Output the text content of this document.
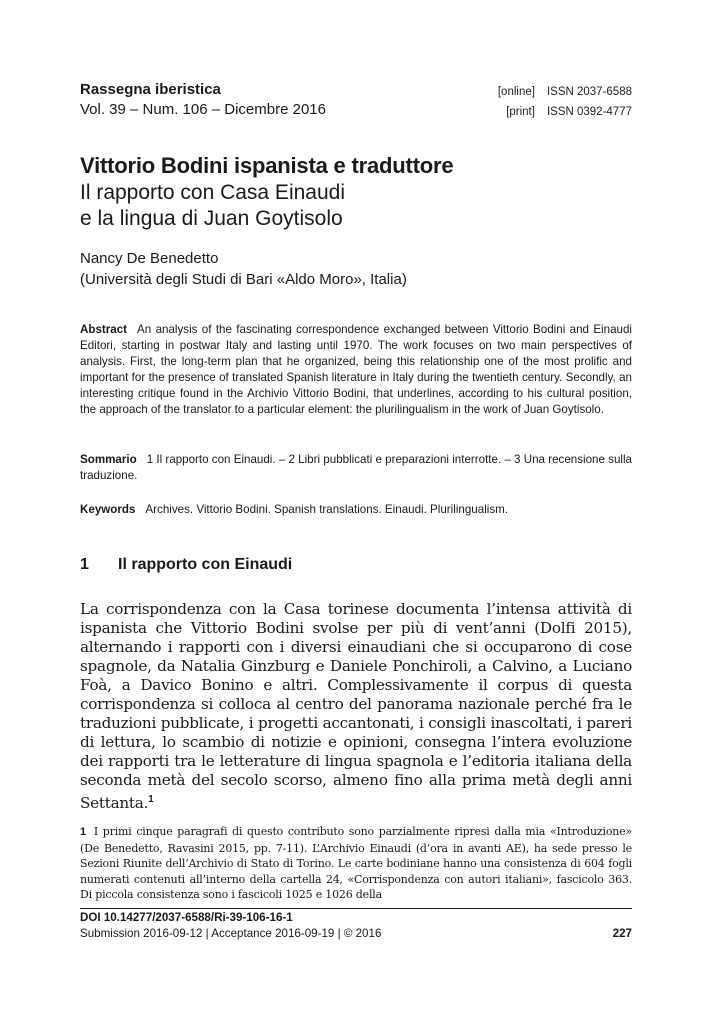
Rassegna iberistica
Vol. 39 – Num. 106 – Dicembre 2016
[online] ISSN 2037-6588
[print] ISSN 0392-4777
Vittorio Bodini ispanista e traduttore
Il rapporto con Casa Einaudi
e la lingua di Juan Goytisolo
Nancy De Benedetto
(Università degli Studi di Bari «Aldo Moro», Italia)
Abstract An analysis of the fascinating correspondence exchanged between Vittorio Bodini and Einaudi Editori, starting in postwar Italy and lasting until 1970. The work focuses on two main perspectives of analysis. First, the long-term plan that he organized, being this relationship one of the most prolific and important for the presence of translated Spanish literature in Italy during the twentieth century. Secondly, an interesting critique found in the Archivio Vittorio Bodini, that underlines, according to his cultural position, the approach of the translator to a particular element: the plurilingualism in the work of Juan Goytisolo.
Sommario 1 Il rapporto con Einaudi. – 2 Libri pubblicati e preparazioni interrotte. – 3 Una recensione sulla traduzione.
Keywords Archives. Vittorio Bodini. Spanish translations. Einaudi. Plurilingualism.
1 Il rapporto con Einaudi
La corrispondenza con la Casa torinese documenta l’intensa attività di ispanista che Vittorio Bodini svolse per più di vent’anni (Dolfi 2015), alternando i rapporti con i diversi einaudiani che si occuparono di cose spagnole, da Natalia Ginzburg e Daniele Ponchiroli, a Calvino, a Luciano Foà, a Davico Bonino e altri. Complessivamente il corpus di questa corrispondenza si colloca al centro del panorama nazionale perché fra le traduzioni pubblicate, i progetti accantonati, i consigli inascoltati, i pareri di lettura, lo scambio di notizie e opinioni, consegna l’intera evoluzione dei rapporti tra le letterature di lingua spagnola e l’editoria italiana della seconda metà del secolo scorso, almeno fino alla prima metà degli anni Settanta.$^1$
1 I primi cinque paragrafi di questo contributo sono parzialmente ripresi dalla mia «Introduzione» (De Benedetto, Ravasini 2015, pp. 7-11). L’Archivio Einaudi (d’ora in avanti AE), ha sede presso le Sezioni Riunite dell’Archivio di Stato di Torino. Le carte bodiniane hanno una consistenza di 604 fogli numerati contenuti all’interno della cartella 24, «Corrispondenza con autori italiani», fascicolo 363. Di piccola consistenza sono i fascicoli 1025 e 1026 della
DOI 10.14277/2037-6588/Ri-39-106-16-1
Submission 2016-09-12 | Acceptance 2016-09-19 | © 2016	227
